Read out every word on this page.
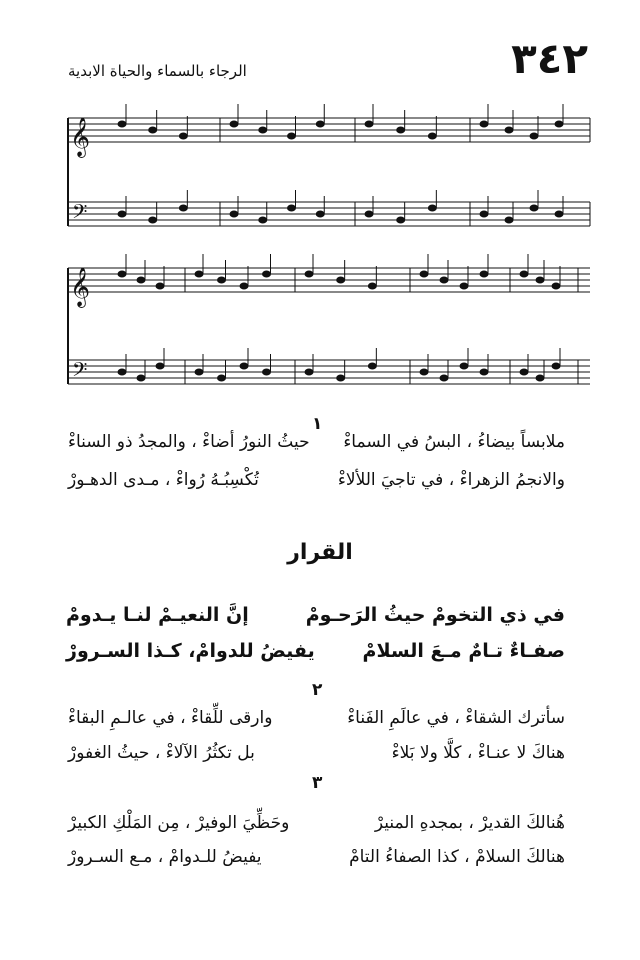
٣٤٢
الرجاء بالسماء والحياة الابدية
𝄞
𝄢
𝄞
𝄢
١
ملابساً بيضاءُ ، البسُ في السماءْ
حيثُ النورُ أضاءْ ، والمجدُ ذو السناءْ
والانجمُ الزهراءْ ، في تاجيَ اللألاءْ
تُكْسِبُـهُ رُواءْ ، مـدى الدهـورْ
القرار
في ذي التخومْ حيثُ الرَحـومْ
إنَّ النعيـمْ لنـا يـدومْ
صفـاءٌ تـامٌ مـعَ السلامْ
يفيضُ للدوامْ، كـذا السـرورْ
٢
سأترك الشقاءْ ، في عالَمِ الفَناءْ
وارقى للِّقاءْ ، في عالـمِ البقاءْ
هناكَ لا عنـاءْ ، كلَّا ولا بَلاءْ
بل تكثُرُ الآلاءْ ، حيثُ الغفورْ
٣
هُنالكَ القديرْ ، بمجدهِ المنيرْ
وحَظِّيَ الوفيرْ ، مِن المَلْكِ الكبيرْ
هنالكَ السلامْ ، كذا الصفاءُ التامْ
يفيضُ للـدوامْ ، مـع السـرورْ
